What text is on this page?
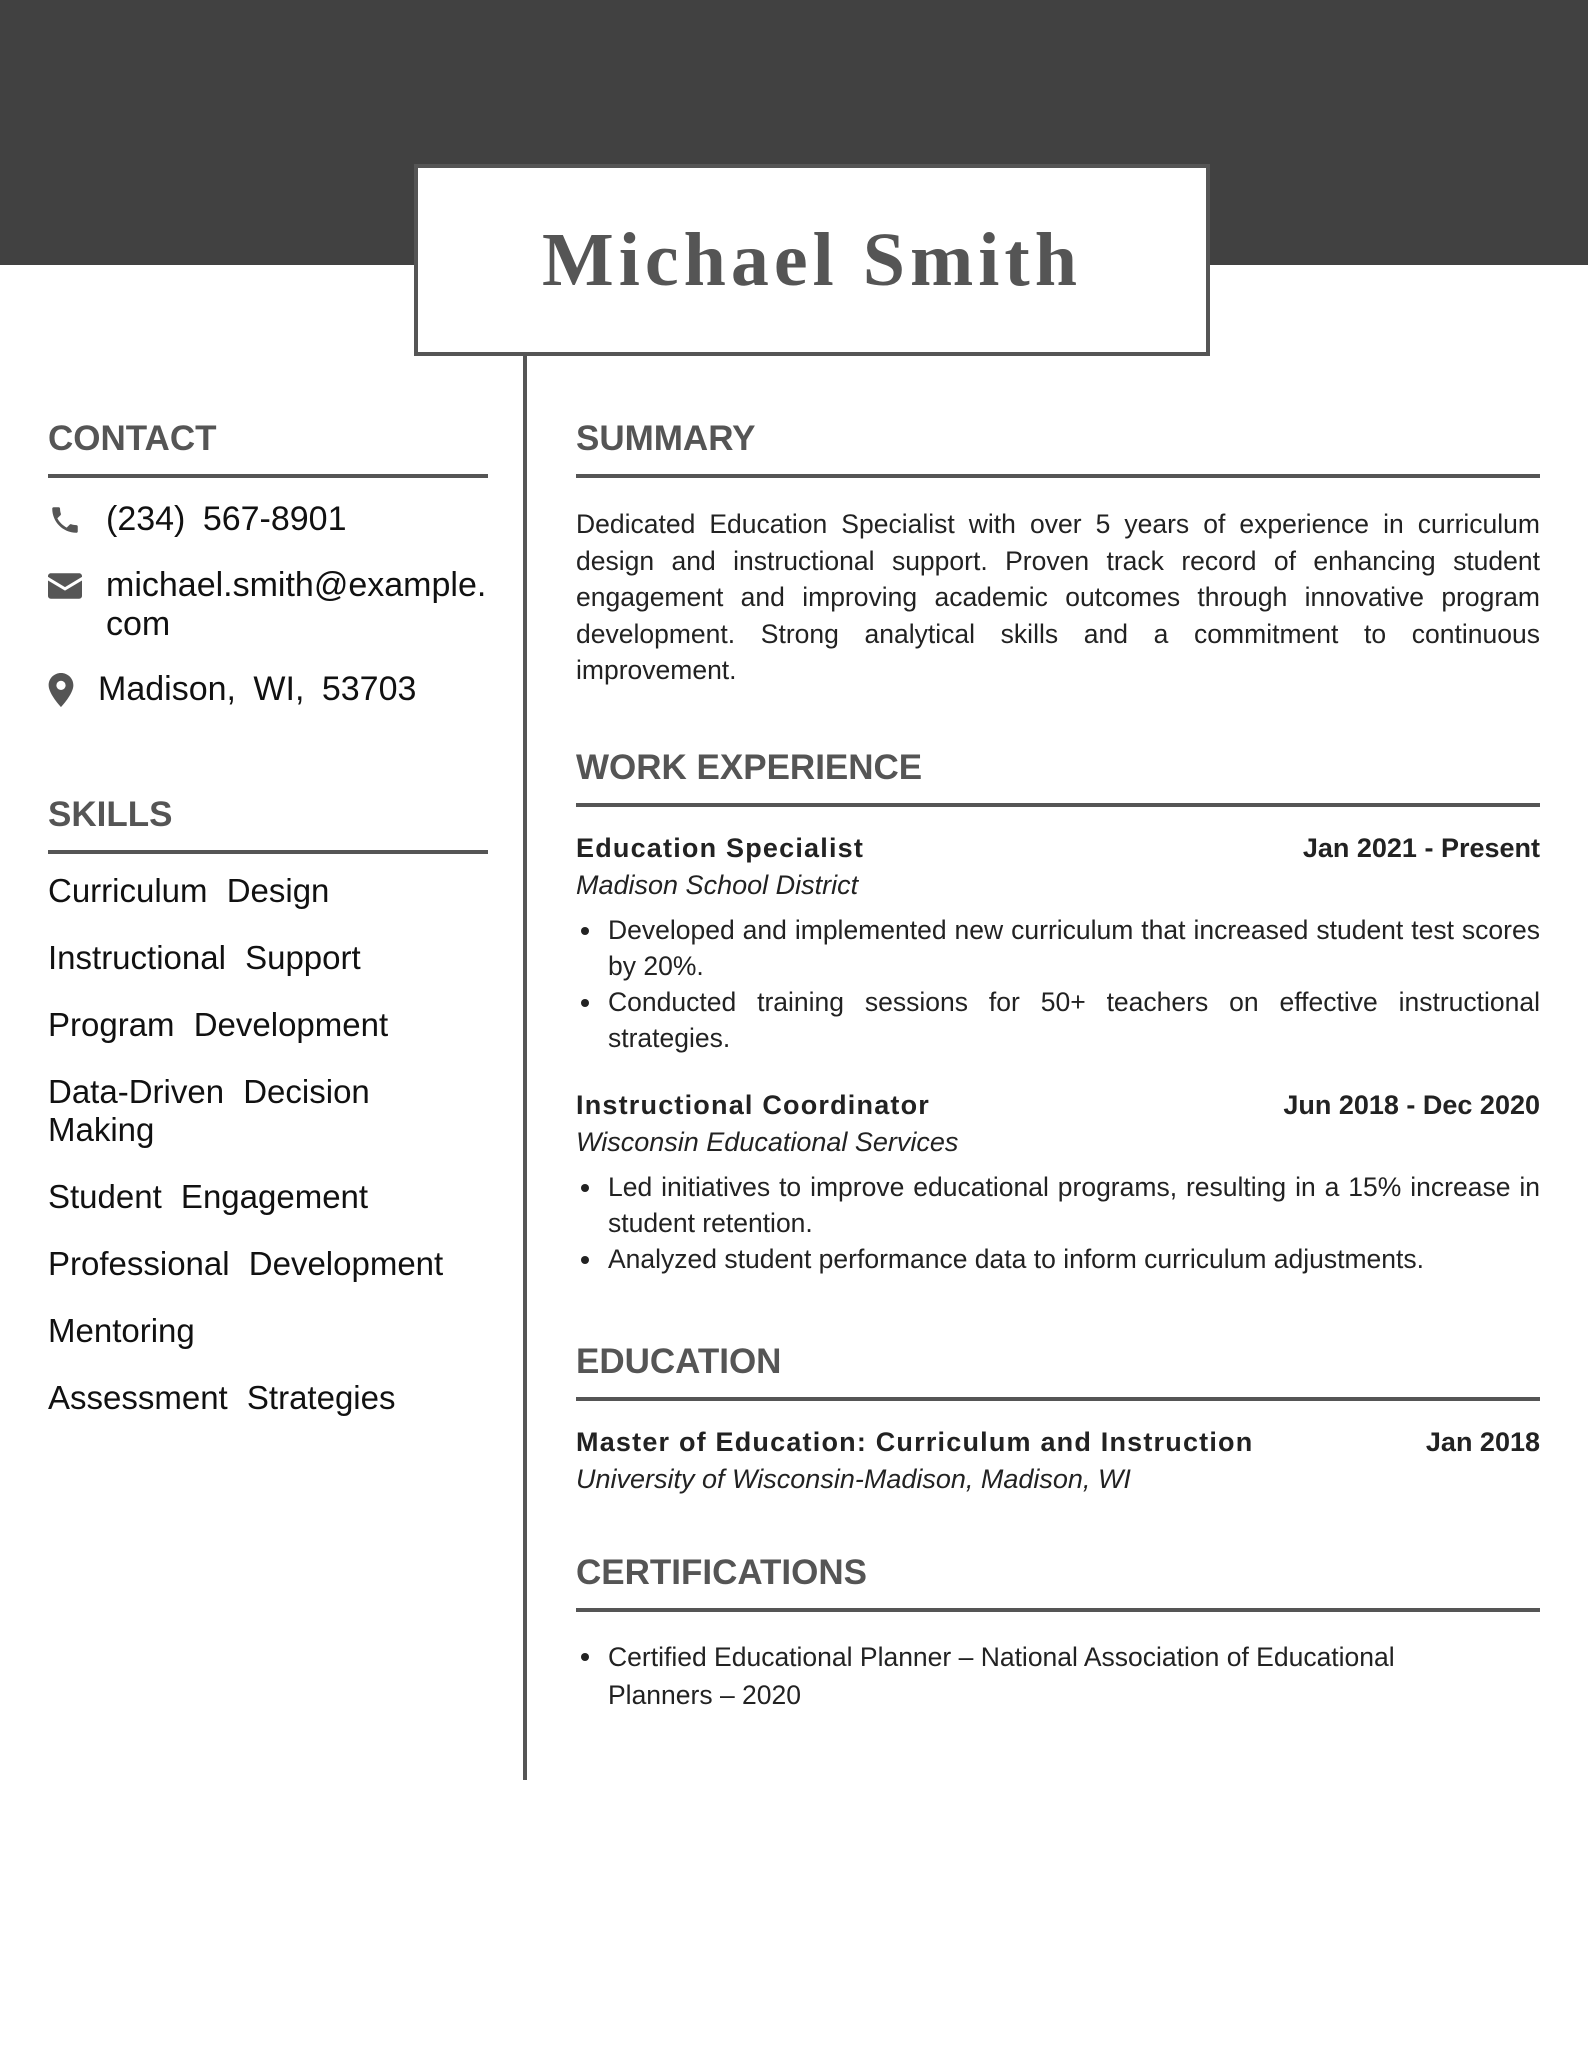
Michael Smith
CONTACT
(234) 567-8901
michael.smith@example.com
Madison, WI, 53703
SKILLS
Curriculum Design
Instructional Support
Program Development
Data-Driven Decision Making
Student Engagement
Professional Development
Mentoring
Assessment Strategies
SUMMARY

Dedicated Education Specialist with over 5 years of experience in curriculum design and instructional support. Proven track record of enhancing student engagement and improving academic outcomes through innovative program development. Strong analytical skills and a commitment to continuous improvement.

WORK EXPERIENCE
Education Specialist	Jan 2021 - Present
Madison School District
Developed and implemented new curriculum that increased student test scores by 20%.
Conducted training sessions for 50+ teachers on effective instructional strategies.
Instructional Coordinator	Jun 2018 - Dec 2020
Wisconsin Educational Services
Led initiatives to improve educational programs, resulting in a 15% increase in student retention.
Analyzed student performance data to inform curriculum adjustments.
EDUCATION
Master of Education: Curriculum and Instruction	Jan 2018
University of Wisconsin-Madison, Madison, WI
CERTIFICATIONS
Certified Educational Planner – National Association of Educational Planners – 2020
